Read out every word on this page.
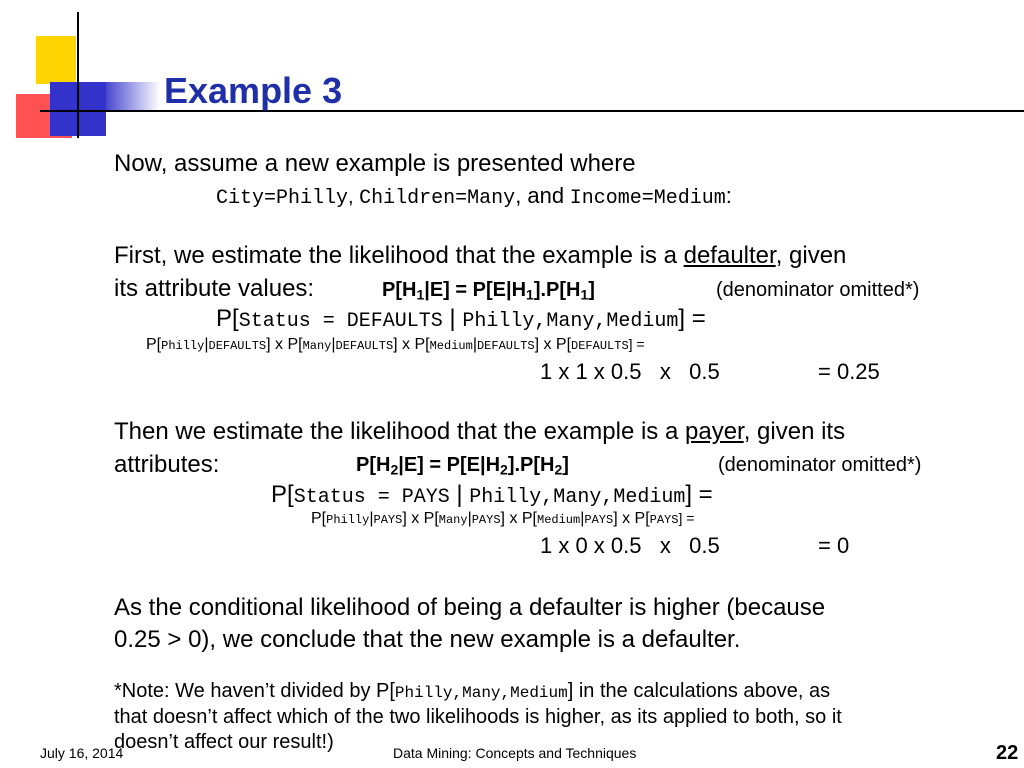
Example 3
Now, assume a new example is presented where
City=Philly, Children=Many, and Income=Medium:
First, we estimate the likelihood that the example is a defaulter, given
its attribute values:	$P[H_1|E] = P[E|H_1].P[H_1]$	(denominator omitted*)
P[Status = DEFAULTS | Philly,Many,Medium] =
P[Philly|DEFAULTS] x P[Many|DEFAULTS] x P[Medium|DEFAULTS] x P[DEFAULTS] =
1 x 1 x 0.5   x   0.5	= 0.25
Then we estimate the likelihood that the example is a payer, given its
attributes:	$P[H_2|E] = P[E|H_2].P[H_2]$	(denominator omitted*)
P[Status = PAYS | Philly,Many,Medium] =
P[Philly|PAYS] x P[Many|PAYS] x P[Medium|PAYS] x P[PAYS] =
1 x 0 x 0.5   x   0.5	= 0
As the conditional likelihood of being a defaulter is higher (because
0.25 > 0), we conclude that the new example is a defaulter.
*Note: We haven’t divided by P[Philly,Many,Medium] in the calculations above, as
that doesn’t affect which of the two likelihoods is higher, as its applied to both, so it
doesn’t affect our result!)
July 16, 2014	Data Mining: Concepts and Techniques	22
